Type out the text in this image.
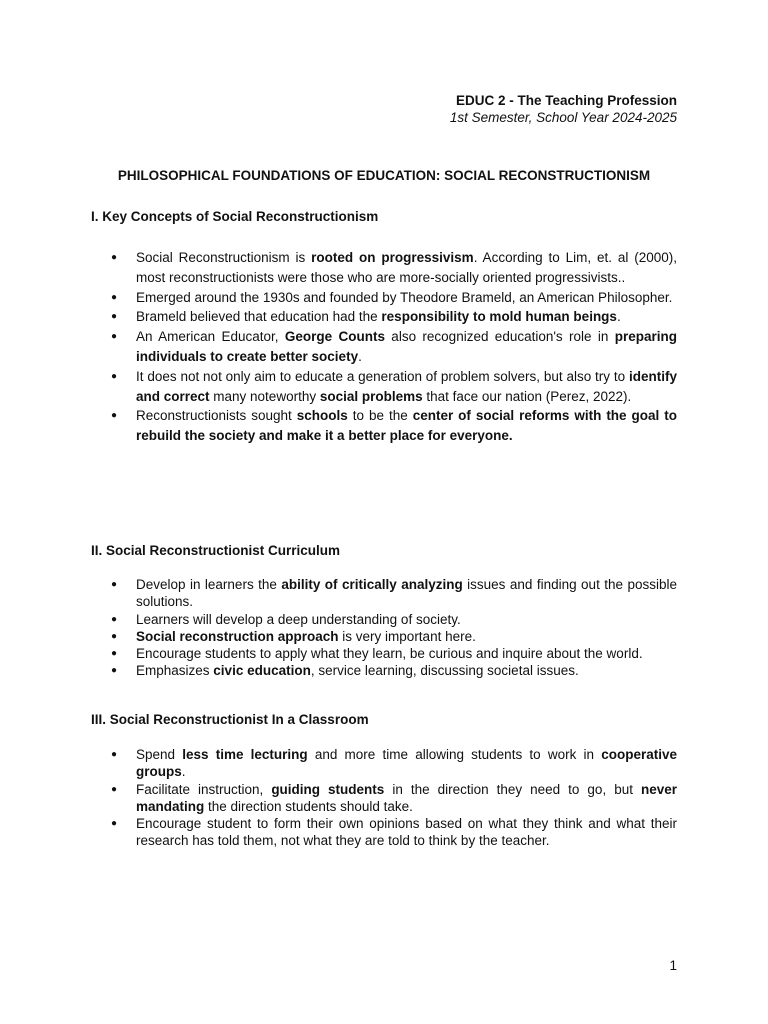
EDUC 2 - The Teaching Profession
1st Semester, School Year 2024-2025
PHILOSOPHICAL FOUNDATIONS OF EDUCATION: SOCIAL RECONSTRUCTIONISM
I. Key Concepts of Social Reconstructionism
● Social Reconstructionism is rooted on progressivism. According to Lim, et. al (2000), most reconstructionists were those who are more-socially oriented progressivists..
● Emerged around the 1930s and founded by Theodore Brameld, an American Philosopher.
● Brameld believed that education had the responsibility to mold human beings.
● An American Educator, George Counts also recognized education's role in preparing individuals to create better society.
● It does not not only aim to educate a generation of problem solvers, but also try to identify and correct many noteworthy social problems that face our nation (Perez, 2022).
● Reconstructionists sought schools to be the center of social reforms with the goal to rebuild the society and make it a better place for everyone.
II. Social Reconstructionist Curriculum
● Develop in learners the ability of critically analyzing issues and finding out the possible solutions.
● Learners will develop a deep understanding of society.
● Social reconstruction approach is very important here.
● Encourage students to apply what they learn, be curious and inquire about the world.
● Emphasizes civic education, service learning, discussing societal issues.
III. Social Reconstructionist In a Classroom
● Spend less time lecturing and more time allowing students to work in cooperative groups.
● Facilitate instruction, guiding students in the direction they need to go, but never mandating the direction students should take.
● Encourage student to form their own opinions based on what they think and what their research has told them, not what they are told to think by the teacher.
1
